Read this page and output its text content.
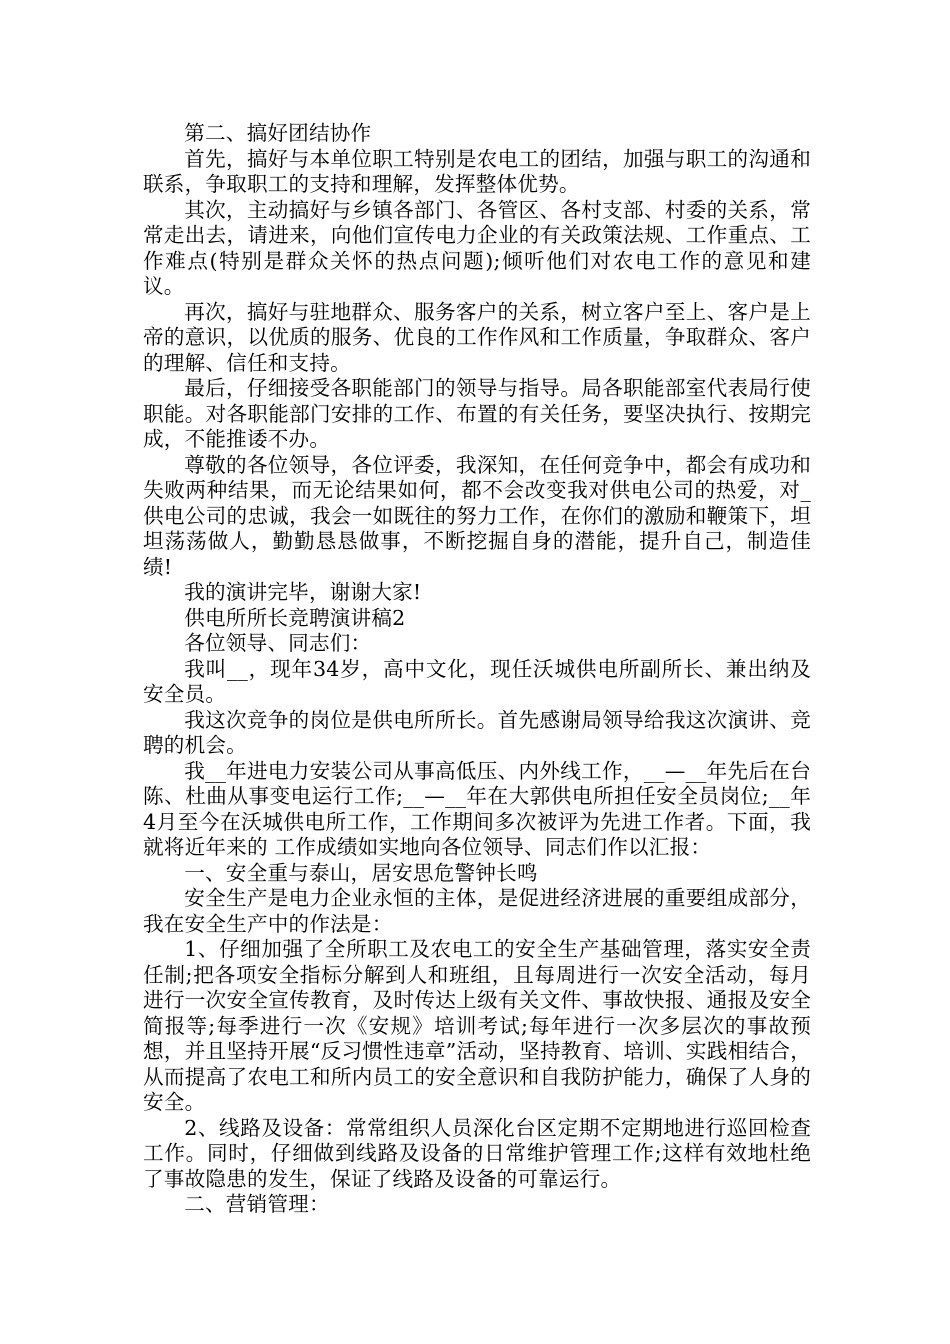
第二、搞好团结协作

首先，搞好与本单位职工特别是农电工的团结，加强与职工的沟通和联系，争取职工的支持和理解，发挥整体优势。

其次，主动搞好与乡镇各部门、各管区、各村支部、村委的关系，常常走出去，请进来，向他们宣传电力企业的有关政策法规、工作重点、工作难点(特别是群众关怀的热点问题);倾听他们对农电工作的意见和建议。

再次，搞好与驻地群众、服务客户的关系，树立客户至上、客户是上帝的意识，以优质的服务、优良的工作作风和工作质量，争取群众、客户的理解、信任和支持。

最后，仔细接受各职能部门的领导与指导。局各职能部室代表局行使职能。对各职能部门安排的工作、布置的有关任务，要坚决执行、按期完成，不能推诿不办。

尊敬的各位领导，各位评委，我深知，在任何竞争中，都会有成功和失败两种结果，而无论结果如何，都不会改变我对供电公司的热爱，对_供电公司的忠诚，我会一如既往的努力工作，在你们的激励和鞭策下，坦坦荡荡做人，勤勤恳恳做事，不断挖掘自身的潜能，提升自己，制造佳绩!

我的演讲完毕，谢谢大家!

供电所所长竞聘演讲稿2

各位领导、同志们：

我叫__，现年34岁，高中文化，现任沃城供电所副所长、兼出纳及安全员。

我这次竞争的岗位是供电所所长。首先感谢局领导给我这次演讲、竞聘的机会。

我__年进电力安装公司从事高低压、内外线工作，__—__年先后在台陈、杜曲从事变电运行工作;__—__年在大郭供电所担任安全员岗位;__年4月至今在沃城供电所工作，工作期间多次被评为先进工作者。下面，我就将近年来的 工作成绩如实地向各位领导、同志们作以汇报：

一、安全重与泰山，居安思危警钟长鸣

安全生产是电力企业永恒的主体，是促进经济进展的重要组成部分，我在安全生产中的作法是：

1、仔细加强了全所职工及农电工的安全生产基础管理，落实安全责任制;把各项安全指标分解到人和班组，且每周进行一次安全活动，每月进行一次安全宣传教育，及时传达上级有关文件、事故快报、通报及安全简报等;每季进行一次《安规》培训考试;每年进行一次多层次的事故预想，并且坚持开展“反习惯性违章”活动，坚持教育、培训、实践相结合，从而提高了农电工和所内员工的安全意识和自我防护能力，确保了人身的安全。

2、线路及设备：常常组织人员深化台区定期不定期地进行巡回检查工作。同时，仔细做到线路及设备的日常维护管理工作;这样有效地杜绝了事故隐患的发生，保证了线路及设备的可靠运行。

二、营销管理：
